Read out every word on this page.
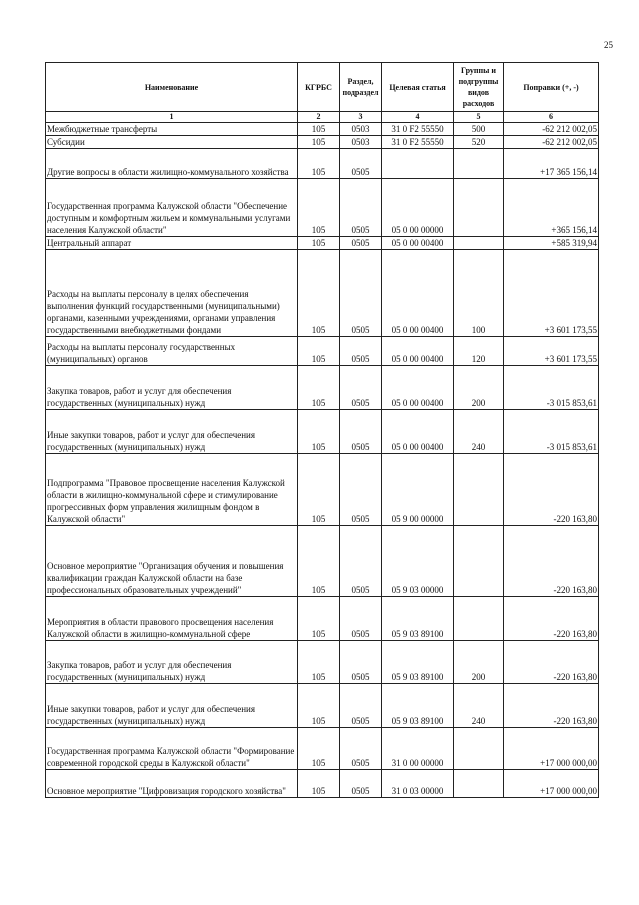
25
Наименование	КГРБС	Раздел, подраздел	Целевая статья	Группы и подгруппы видов расходов	Поправки (+, -)
1	2	3	4	5	6
Межбюджетные трансферты	105	0503	31 0 F2 55550	500	-62 212 002,05
Субсидии	105	0503	31 0 F2 55550	520	-62 212 002,05
Другие вопросы в области жилищно-коммунального хозяйства	105	0505			+17 365 156,14
Государственная программа Калужской области "Обеспечение доступным и комфортным жильем и коммунальными услугами населения Калужской области"	105	0505	05 0 00 00000		+365 156,14
Центральный аппарат	105	0505	05 0 00 00400		+585 319,94
Расходы на выплаты персоналу в целях обеспечения выполнения функций государственными (муниципальными) органами, казенными учреждениями, органами управления государственными внебюджетными фондами	105	0505	05 0 00 00400	100	+3 601 173,55
Расходы на выплаты персоналу государственных (муниципальных) органов	105	0505	05 0 00 00400	120	+3 601 173,55
Закупка товаров, работ и услуг для обеспечения государственных (муниципальных) нужд	105	0505	05 0 00 00400	200	-3 015 853,61
Иные закупки товаров, работ и услуг для обеспечения государственных (муниципальных) нужд	105	0505	05 0 00 00400	240	-3 015 853,61
Подпрограмма "Правовое просвещение населения Калужской области в жилищно-коммунальной сфере и стимулирование прогрессивных форм управления жилищным фондом в Калужской области"	105	0505	05 9 00 00000		-220 163,80
Основное мероприятие "Организация обучения и повышения квалификации граждан Калужской области на базе профессиональных образовательных учреждений"	105	0505	05 9 03 00000		-220 163,80
Мероприятия в области правового просвещения населения Калужской области в жилищно-коммунальной сфере	105	0505	05 9 03 89100		-220 163,80
Закупка товаров, работ и услуг для обеспечения государственных (муниципальных) нужд	105	0505	05 9 03 89100	200	-220 163,80
Иные закупки товаров, работ и услуг для обеспечения государственных (муниципальных) нужд	105	0505	05 9 03 89100	240	-220 163,80
Государственная программа Калужской области "Формирование современной городской среды в Калужской области"	105	0505	31 0 00 00000		+17 000 000,00
Основное мероприятие "Цифровизация городского хозяйства"	105	0505	31 0 03 00000		+17 000 000,00
